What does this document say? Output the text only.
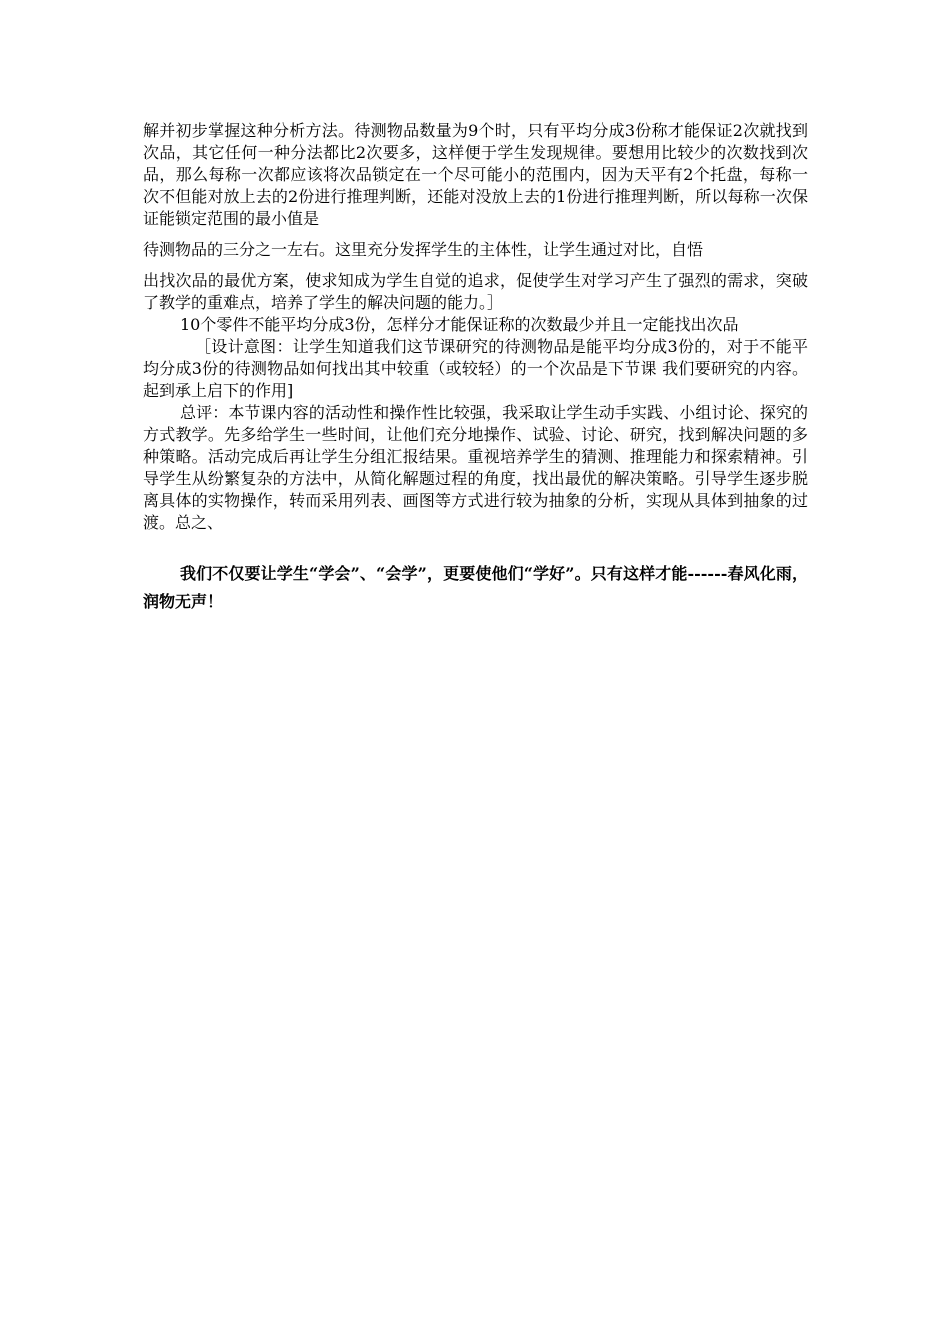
解并初步掌握这种分析方法。待测物品数量为9个时，只有平均分成3份称才能保证2次就找到次品，其它任何一种分法都比2次要多，这样便于学生发现规律。要想用比较少的次数找到次品，那么每称一次都应该将次品锁定在一个尽可能小的范围内，因为天平有2个托盘，每称一次不但能对放上去的2份进行推理判断，还能对没放上去的1份进行推理判断，所以每称一次保证能锁定范围的最小值是
待测物品的三分之一左右。这里充分发挥学生的主体性，让学生通过对比，自悟
出找次品的最优方案，使求知成为学生自觉的追求，促使学生对学习产生了强烈的需求，突破了教学的重难点，培养了学生的解决问题的能力。］

10个零件不能平均分成3份，怎样分才能保证称的次数最少并且一定能找出次品

［设计意图：让学生知道我们这节课研究的待测物品是能平均分成3份的，对于不能平均分成3份的待测物品如何找出其中较重（或较轻）的一个次品是下节课 我们要研究的内容。起到承上启下的作用]

总评：本节课内容的活动性和操作性比较强，我采取让学生动手实践、小组讨论、探究的方式教学。先多给学生一些时间，让他们充分地操作、试验、讨论、研究，找到解决问题的多种策略。活动完成后再让学生分组汇报结果。重视培养学生的猜测、推理能力和探索精神。引导学生从纷繁复杂的方法中，从简化解题过程的角度，找出最优的解决策略。引导学生逐步脱离具体的实物操作，转而采用列表、画图等方式进行较为抽象的分析，实现从具体到抽象的过渡。总之、

我们不仅要让学生“学会”、“会学”，更要使他们“学好”。只有这样才能------春风化雨，润物无声！
